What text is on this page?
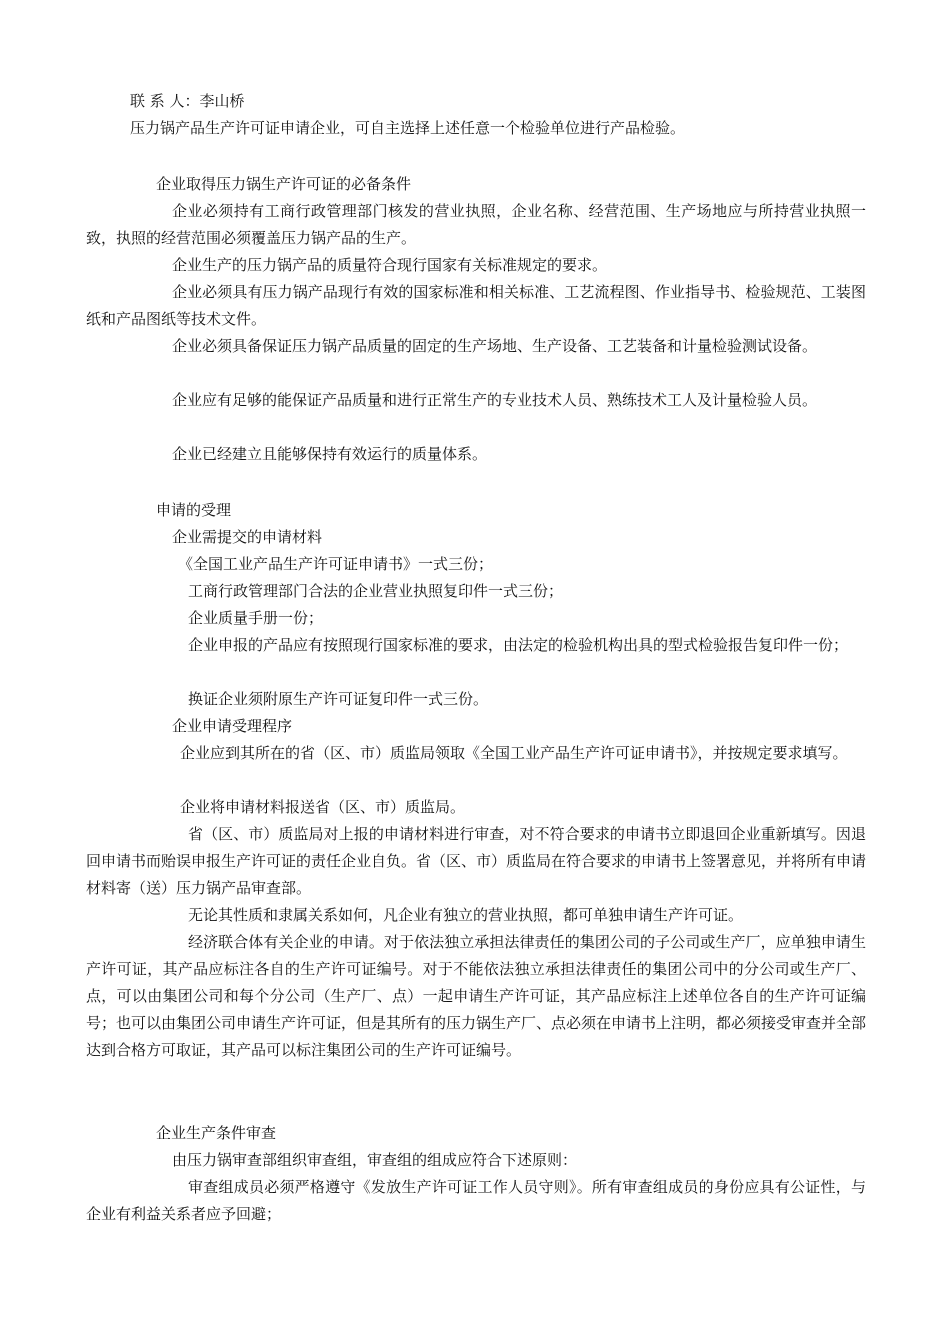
联 系 人：李山桥
压力锅产品生产许可证申请企业，可自主选择上述任意一个检验单位进行产品检验。
企业取得压力锅生产许可证的必备条件
企业必须持有工商行政管理部门核发的营业执照，企业名称、经营范围、生产场地应与所持营业执照一致，执照的经营范围必须覆盖压力锅产品的生产。
企业生产的压力锅产品的质量符合现行国家有关标准规定的要求。
企业必须具有压力锅产品现行有效的国家标准和相关标准、工艺流程图、作业指导书、检验规范、工装图纸和产品图纸等技术文件。
企业必须具备保证压力锅产品质量的固定的生产场地、生产设备、工艺装备和计量检验测试设备。
企业应有足够的能保证产品质量和进行正常生产的专业技术人员、熟练技术工人及计量检验人员。
企业已经建立且能够保持有效运行的质量体系。
申请的受理
企业需提交的申请材料
《全国工业产品生产许可证申请书》一式三份；
工商行政管理部门合法的企业营业执照复印件一式三份；
企业质量手册一份；
企业申报的产品应有按照现行国家标准的要求，由法定的检验机构出具的型式检验报告复印件一份；
换证企业须附原生产许可证复印件一式三份。
企业申请受理程序
企业应到其所在的省（区、市）质监局领取《全国工业产品生产许可证申请书》，并按规定要求填写。
企业将申请材料报送省（区、市）质监局。
省（区、市）质监局对上报的申请材料进行审查，对不符合要求的申请书立即退回企业重新填写。因退回申请书而贻误申报生产许可证的责任企业自负。省（区、市）质监局在符合要求的申请书上签署意见，并将所有申请材料寄（送）压力锅产品审查部。
无论其性质和隶属关系如何，凡企业有独立的营业执照，都可单独申请生产许可证。
经济联合体有关企业的申请。对于依法独立承担法律责任的集团公司的子公司或生产厂，应单独申请生产许可证，其产品应标注各自的生产许可证编号。对于不能依法独立承担法律责任的集团公司中的分公司或生产厂、点，可以由集团公司和每个分公司（生产厂、点）一起申请生产许可证，其产品应标注上述单位各自的生产许可证编号；也可以由集团公司申请生产许可证，但是其所有的压力锅生产厂、点必须在申请书上注明，都必须接受审查并全部达到合格方可取证，其产品可以标注集团公司的生产许可证编号。
企业生产条件审查
由压力锅审查部组织审查组，审查组的组成应符合下述原则：
审查组成员必须严格遵守《发放生产许可证工作人员守则》。所有审查组成员的身份应具有公证性，与企业有利益关系者应予回避；
